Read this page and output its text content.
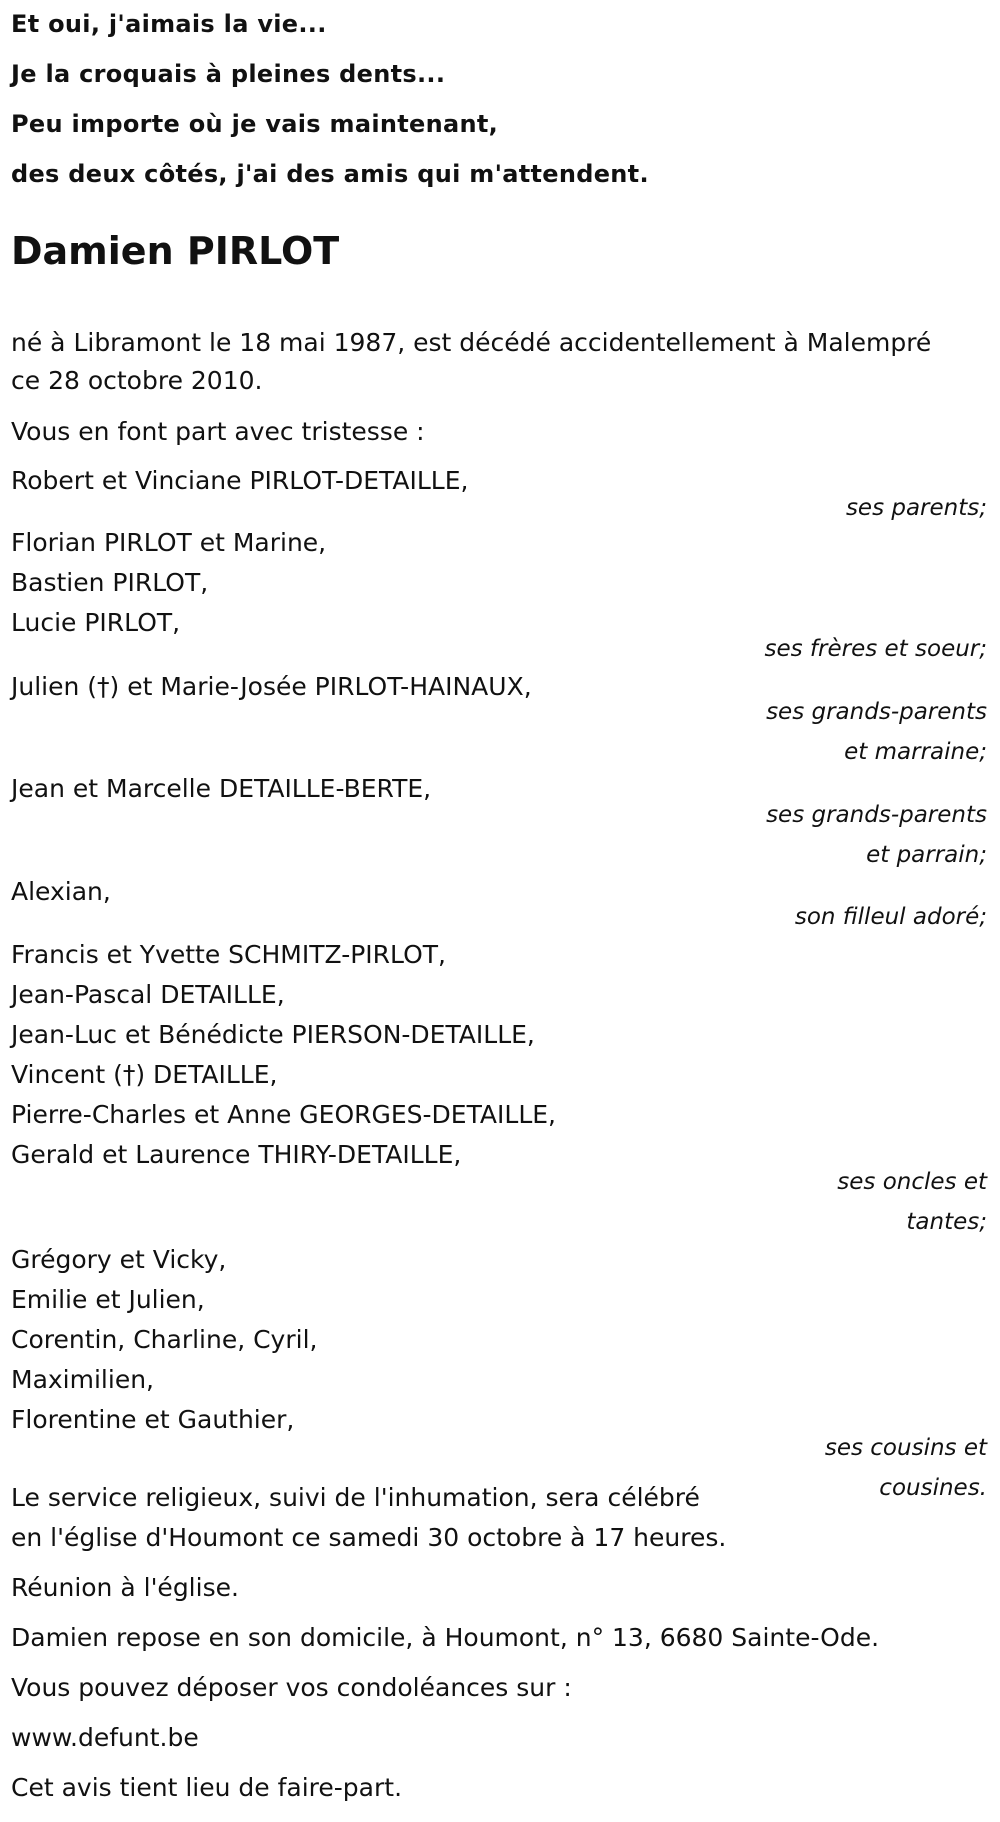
Et oui, j'aimais la vie...
Je la croquais à pleines dents...
Peu importe où je vais maintenant,
des deux côtés, j'ai des amis qui m'attendent.
Damien PIRLOT
né à Libramont le 18 mai 1987, est décédé accidentellement à Malempré
ce 28 octobre 2010.
Vous en font part avec tristesse :
Robert et Vinciane PIRLOT-DETAILLE,
ses parents;
Florian PIRLOT et Marine,
Bastien PIRLOT,
Lucie PIRLOT,
ses frères et soeur;
Julien (†) et Marie-Josée PIRLOT-HAINAUX,
ses grands-parents
et marraine;
Jean et Marcelle DETAILLE-BERTE,
ses grands-parents
et parrain;
Alexian,
son filleul adoré;
Francis et Yvette SCHMITZ-PIRLOT,
Jean-Pascal DETAILLE,
Jean-Luc et Bénédicte PIERSON-DETAILLE,
Vincent (†) DETAILLE,
Pierre-Charles et Anne GEORGES-DETAILLE,
Gerald et Laurence THIRY-DETAILLE,
ses oncles et
tantes;
Grégory et Vicky,
Emilie et Julien,
Corentin, Charline, Cyril,
Maximilien,
Florentine et Gauthier,
ses cousins et
cousines.
Le service religieux, suivi de l'inhumation, sera célébré
en l'église d'Houmont ce samedi 30 octobre à 17 heures.
Réunion à l'église.
Damien repose en son domicile, à Houmont, n° 13, 6680 Sainte-Ode.
Vous pouvez déposer vos condoléances sur :
www.defunt.be
Cet avis tient lieu de faire-part.
